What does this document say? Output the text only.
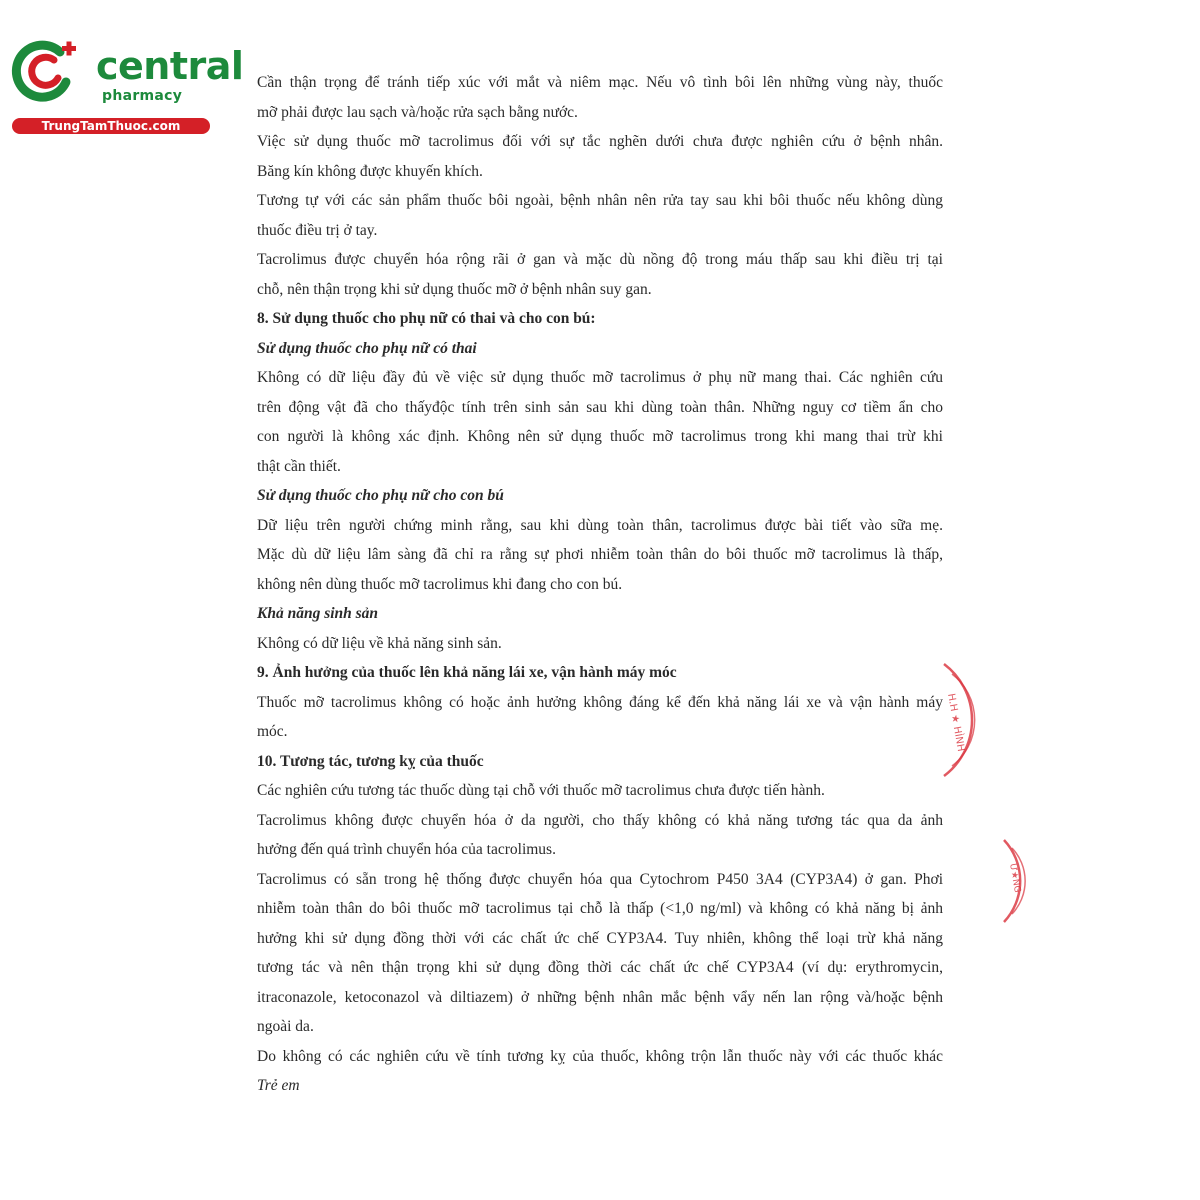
central
pharmacy
TrungTamThuoc.com
Cần thận trọng để tránh tiếp xúc với mắt và niêm mạc. Nếu vô tình bôi lên những vùng này, thuốc
mỡ phải được lau sạch và/hoặc rửa sạch bằng nước.
Việc sử dụng thuốc mỡ tacrolimus đối với sự tắc nghẽn dưới chưa được nghiên cứu ở bệnh nhân.
Băng kín không được khuyến khích.
Tương tự với các sản phẩm thuốc bôi ngoài, bệnh nhân nên rửa tay sau khi bôi thuốc nếu không dùng
thuốc điều trị ở tay.
Tacrolimus được chuyển hóa rộng rãi ở gan và mặc dù nồng độ trong máu thấp sau khi điều trị tại
chỗ, nên thận trọng khi sử dụng thuốc mỡ ở bệnh nhân suy gan.
8. Sử dụng thuốc cho phụ nữ có thai và cho con bú:
Sử dụng thuốc cho phụ nữ có thai
Không có dữ liệu đầy đủ về việc sử dụng thuốc mỡ tacrolimus ở phụ nữ mang thai. Các nghiên cứu
trên động vật đã cho thấyđộc tính trên sinh sản sau khi dùng toàn thân. Những nguy cơ tiềm ẩn cho
con người là không xác định. Không nên sử dụng thuốc mỡ tacrolimus trong khi mang thai trừ khi
thật cần thiết.
Sử dụng thuốc cho phụ nữ cho con bú
Dữ liệu trên người chứng minh rằng, sau khi dùng toàn thân, tacrolimus được bài tiết vào sữa mẹ.
Mặc dù dữ liệu lâm sàng đã chỉ ra rằng sự phơi nhiễm toàn thân do bôi thuốc mỡ tacrolimus là thấp,
không nên dùng thuốc mỡ tacrolimus khi đang cho con bú.
Khả năng sinh sản
Không có dữ liệu về khả năng sinh sản.
9. Ảnh hưởng của thuốc lên khả năng lái xe, vận hành máy móc
Thuốc mỡ tacrolimus không có hoặc ảnh hưởng không đáng kể đến khả năng lái xe và vận hành máy
móc.
10. Tương tác, tương kỵ của thuốc
Các nghiên cứu tương tác thuốc dùng tại chỗ với thuốc mỡ tacrolimus chưa được tiến hành.
Tacrolimus không được chuyển hóa ở da người, cho thấy không có khả năng tương tác qua da ảnh
hưởng đến quá trình chuyển hóa của tacrolimus.
Tacrolimus có sẵn trong hệ thống được chuyển hóa qua Cytochrom P450 3A4 (CYP3A4) ở gan. Phơi
nhiễm toàn thân do bôi thuốc mỡ tacrolimus tại chỗ là thấp (<1,0 ng/ml) và không có khả năng bị ảnh
hưởng khi sử dụng đồng thời với các chất ức chế CYP3A4. Tuy nhiên, không thể loại trừ khả năng
tương tác và nên thận trọng khi sử dụng đồng thời các chất ức chế CYP3A4 (ví dụ: erythromycin,
itraconazole, ketoconazol và diltiazem) ở những bệnh nhân mắc bệnh vẩy nến lan rộng và/hoặc bệnh
ngoài da.
Do không có các nghiên cứu về tính tương kỵ của thuốc, không trộn lẫn thuốc này với các thuốc khác
Trẻ em
H.H ★ HÌNH
Ư★NG
